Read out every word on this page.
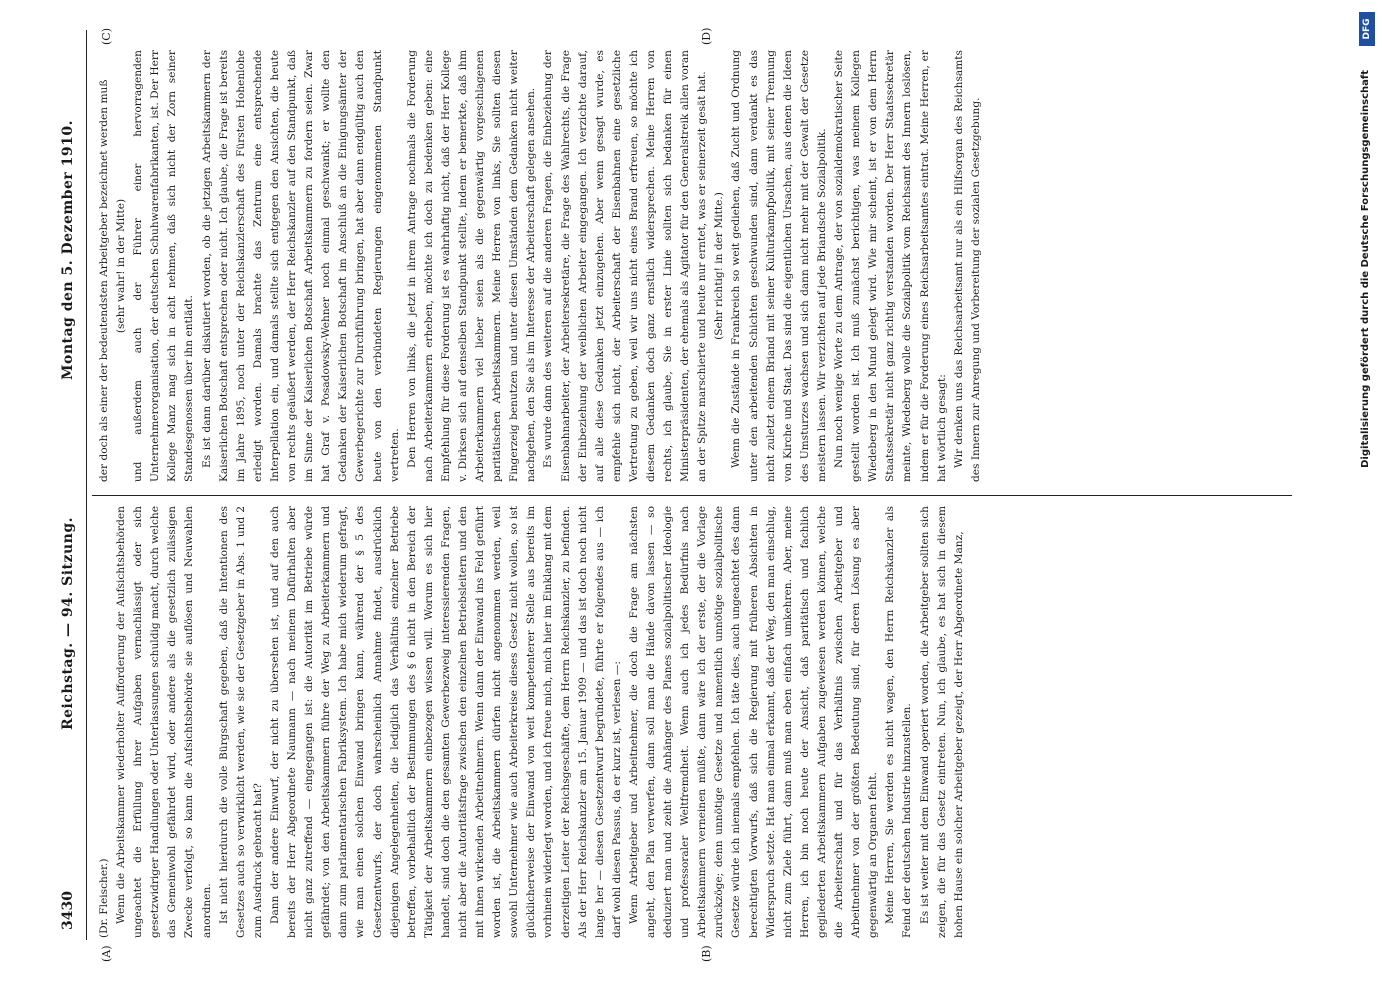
3430
Reichstag. — 94. Sitzung.
Montag den 5. Dezember 1910.
(A)	(B)
(C)	(D)

(Dr. Fleischer.) Wenn die Arbeitskammer wiederholter Aufforderung der Aufsichtsbehörden ungeachtet die Erfüllung ihrer Aufgaben vernachlässigt oder sich gesetzwidriger Handlungen oder Unterlassungen schuldig macht, durch welche das Gemeinwohl gefährdet wird, oder andere als die gesetzlich zulässigen Zwecke verfolgt, so kann die Aufsichtsbehörde sie auflösen und Neuwahlen anordnen. Ist nicht hierdurch die volle Bürgschaft gegeben, daß die Intentionen des Gesetzes auch so verwirklicht werden, wie sie der Gesetzgeber in Abs. 1 und 2 zum Ausdruck gebracht hat? Dann der andere Einwurf, der nicht zu übersehen ist, und auf den auch bereits der Herr Abgeordnete Naumann — nach meinem Dafürhalten aber nicht ganz zutreffend — eingegangen ist: die Autorität im Betriebe würde gefährdet; von den Arbeitskammern führe der Weg zu Arbeiterkammern und dann zum parlamentarischen Fabriksystem. Ich habe mich wiederum gefragt, wie man einen solchen Einwand bringen kann, während der § 5 des Gesetzentwurfs, der doch wahrscheinlich Annahme findet, ausdrücklich diejenigen Angelegenheiten, die lediglich das Verhältnis einzelner Betriebe betreffen, vorbehaltlich der Bestimmungen des § 6 nicht in den Bereich der Tätigkeit der Arbeitskammern einbezogen wissen will. Worum es sich hier handelt, sind doch die den gesamten Gewerbezweig interessierenden Fragen, nicht aber die Autoritätsfrage zwischen den einzelnen Betriebsleitern und den mit ihnen wirkenden Arbeitnehmern. Wenn dann der Einwand ins Feld geführt worden ist, die Arbeitskammern dürfen nicht angenommen werden, weil sowohl Unternehmer wie auch Arbeiterkreise dieses Gesetz nicht wollen, so ist glücklicherweise der Einwand von weit kompetenterer Stelle aus bereits im vorhinein widerlegt worden, und ich freue mich, mich hier im Einklang mit dem derzeitigen Leiter der Reichsgeschäfte, dem Herrn Reichskanzler, zu befinden. Als der Herr Reichskanzler am 15. Januar 1909 — und das ist doch noch nicht lange her — diesen Gesetzentwurf begründete, führte er folgendes aus — ich darf wohl diesen Passus, da er kurz ist, verlesen —: Wenn Arbeitgeber und Arbeitnehmer, die doch die Frage am nächsten angeht, den Plan verwerfen, dann soll man die Hände davon lassen — so deduziert man und zeiht die Anhänger des Planes sozialpolitischer Ideologie und professoraler Weltfremdheit. Wenn auch ich jedes Bedürfnis nach Arbeitskammern verneinen müßte, dann wäre ich der erste, der die Vorlage zurückzöge; denn unnötige Gesetze und namentlich unnötige sozialpolitische Gesetze würde ich niemals empfehlen. Ich täte dies, auch ungeachtet des dann berechtigten Vorwurfs, daß sich die Regierung mit früheren Absichten in Widerspruch setzte. Hat man einmal erkannt, daß der Weg, den man einschlug, nicht zum Ziele führt, dann muß man eben einfach umkehren. Aber, meine Herren, ich bin noch heute der Ansicht, daß paritätisch und fachlich gegliederten Arbeitskammern Aufgaben zugewiesen werden können, welche die Arbeiterschaft und für das Verhältnis zwischen Arbeitgeber und Arbeitnehmer von der größten Bedeutung sind, für deren Lösung es aber gegenwärtig an Organen fehlt. Meine Herren, Sie werden es nicht wagen, den Herrn Reichskanzler als Feind der deutschen Industrie hinzustellen. Es ist weiter mit dem Einwand operiert worden, die Arbeitgeber sollten sich zeigen, die für das Gesetz eintreten. Nun, ich glaube, es hat sich in diesem hohen Hause ein solcher Arbeitgeber gezeigt, der Herr Abgeordnete Manz,

der doch als einer der bedeutendsten Arbeitgeber bezeichnet werden muß (sehr wahr! in der Mitte) und außerdem auch der Führer einer hervorragenden Unternehmerorganisation, der deutschen Schuhwarenfabrikanten, ist. Der Herr Kollege Manz mag sich in acht nehmen, daß sich nicht der Zorn seiner Standesgenossen über ihn entlädt. Es ist dann darüber diskutiert worden, ob die jetzigen Arbeitskammern der Kaiserlichen Botschaft entsprechen oder nicht. Ich glaube, die Frage ist bereits im Jahre 1895, noch unter der Reichskanzlerschaft des Fürsten Hohenlohe erledigt worden. Damals brachte das Zentrum eine entsprechende Interpellation ein, und damals stellte sich entgegen den Ansichten, die heute von rechts geäußert werden, der Herr Reichskanzler auf den Standpunkt, daß im Sinne der Kaiserlichen Botschaft Arbeitskammern zu fordern seien. Zwar hat Graf v. Posadowsky-Wehner noch einmal geschwankt; er wollte den Gedanken der Kaiserlichen Botschaft im Anschluß an die Einigungsämter der Gewerbegerichte zur Durchführung bringen, hat aber dann endgültig auch den heute von den verbündeten Regierungen eingenommenen Standpunkt vertreten. Den Herren von links, die jetzt in ihrem Antrage nochmals die Forderung nach Arbeiterkammern erheben, möchte ich doch zu bedenken geben: eine Empfehlung für diese Forderung ist es wahrhaftig nicht, daß der Herr Kollege v. Dirksen sich auf denselben Standpunkt stellte, indem er bemerkte, daß ihm Arbeiterkammern viel lieber seien als die gegenwärtig vorgeschlagenen paritätischen Arbeitskammern. Meine Herren von links, Sie sollten diesen Fingerzeig benutzen und unter diesen Umständen dem Gedanken nicht weiter nachgehen, den Sie als im Interesse der Arbeiterschaft gelegen ansehen. Es wurde dann des weiteren auf die anderen Fragen, die Einbeziehung der Eisenbahnarbeiter, der Arbeitersekretäre, die Frage des Wahlrechts, die Frage der Einbeziehung der weiblichen Arbeiter eingegangen. Ich verzichte darauf, auf alle diese Gedanken jetzt einzugehen. Aber wenn gesagt wurde, es empfehle sich nicht, der Arbeiterschaft der Eisenbahnen eine gesetzliche Vertretung zu geben, weil wir uns nicht eines Brand erfreuen, so möchte ich diesem Gedanken doch ganz ernstlich widersprechen. Meine Herren von rechts, ich glaube, Sie in erster Linie sollten sich bedanken für einen Ministerpräsidenten, der ehemals als Agitator für den Generalstreik allen voran an der Spitze marschierte und heute nur erntet, was er seinerzeit gesät hat. (Sehr richtig! in der Mitte.) Wenn die Zustände in Frankreich so weit gediehen, daß Zucht und Ordnung unter den arbeitenden Schichten geschwunden sind, dann verdankt es das nicht zuletzt einem Briand mit seiner Kulturkampfpolitik, mit seiner Trennung von Kirche und Staat. Das sind die eigentlichen Ursachen, aus denen die Ideen des Umsturzes wachsen und sich dann nicht mehr mit der Gewalt der Gesetze meistern lassen. Wir verzichten auf jede Briandsche Sozialpolitik. Nun noch wenige Worte zu dem Antrage, der von sozialdemokratischer Seite gestellt worden ist. Ich muß zunächst berichtigen, was meinem Kollegen Wiedeberg in den Mund gelegt wird. Wie mir scheint, ist er von dem Herrn Staatssekretär nicht ganz richtig verstanden worden. Der Herr Staatssekretär meinte, Wiedeberg wolle die Sozialpolitik vom Reichsamt des Innern loslösen, indem er für die Forderung eines Reichsarbeitsamtes eintrat. Meine Herren, er hat wörtlich gesagt: Wir denken uns das Reichsarbeitsamt nur als ein Hilfsorgan des Reichsamts des Innern zur Anregung und Vorbereitung der sozialen Gesetzgebung.	Digitalisierung gefördert durch die Deutsche Forschungsgemeinschaft
DFG
